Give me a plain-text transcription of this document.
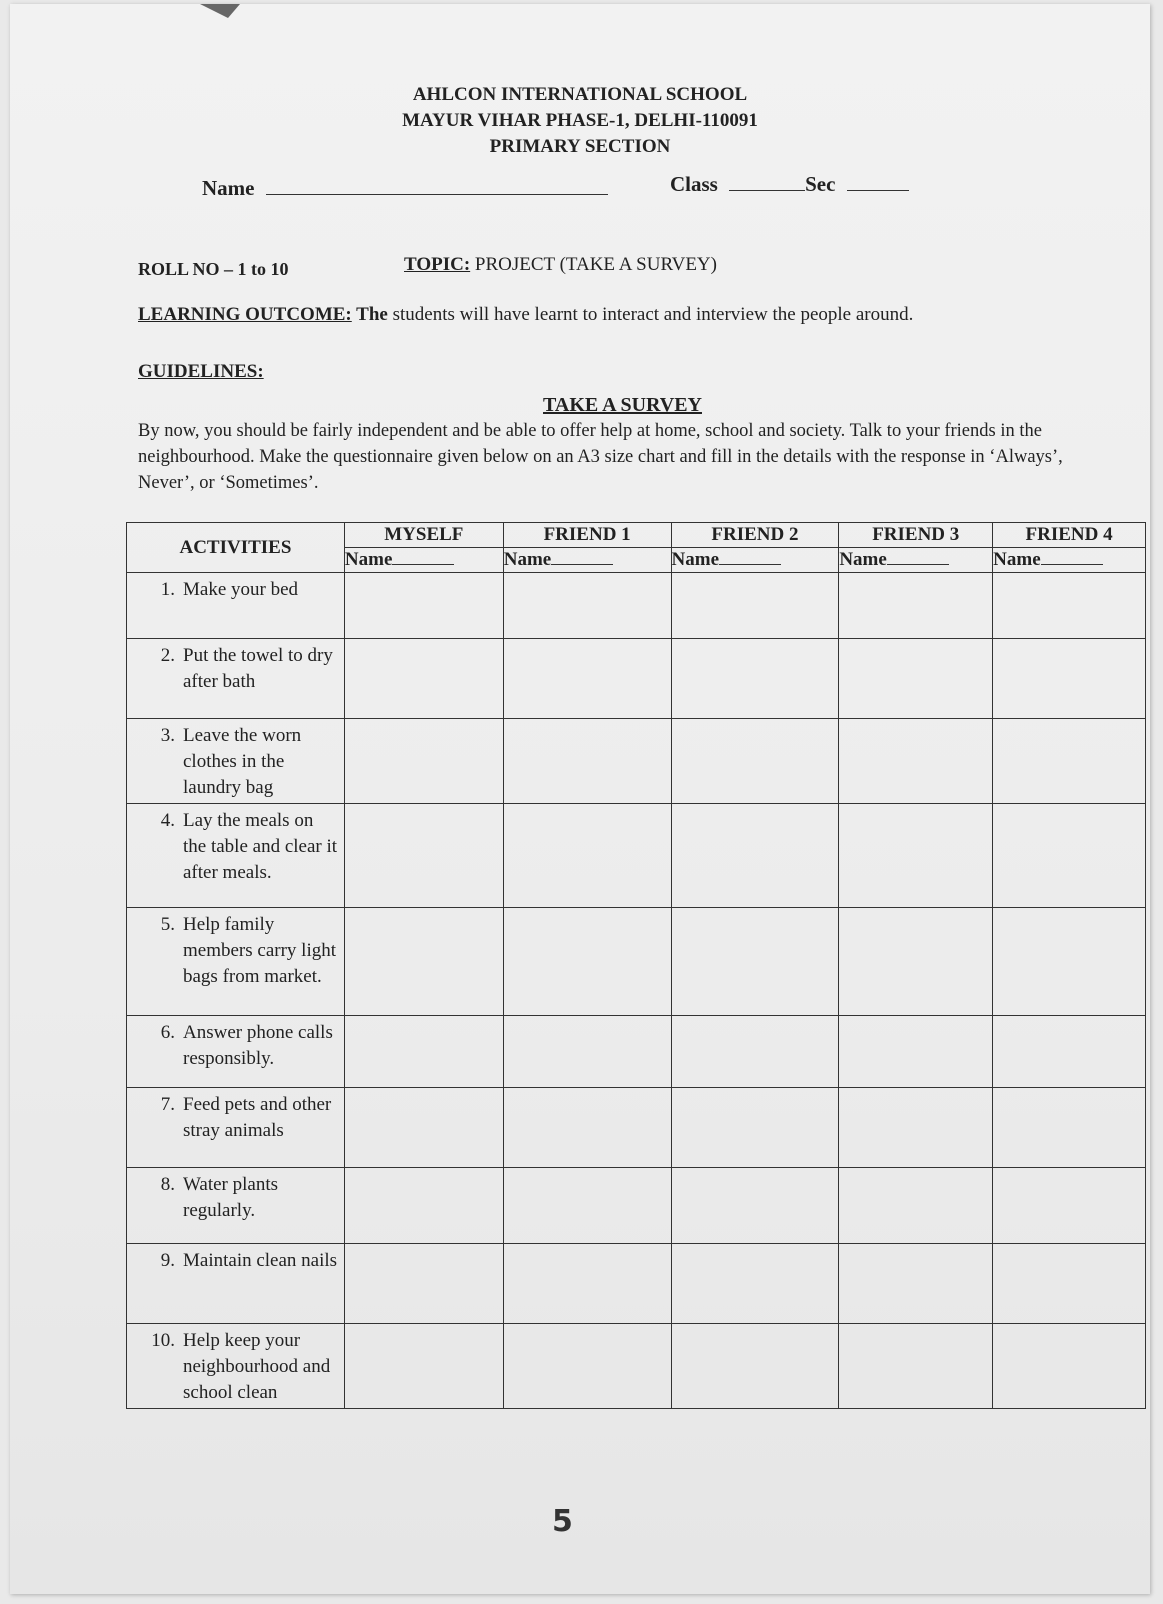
AHLCON INTERNATIONAL SCHOOL
MAYUR VIHAR PHASE-1, DELHI-110091
PRIMARY SECTION
Name	Class	Sec
ROLL NO – 1 to 10	TOPIC: PROJECT (TAKE A SURVEY)
LEARNING OUTCOME: The students will have learnt to interact and interview the people around.
GUIDELINES:
TAKE A SURVEY
By now, you should be fairly independent and be able to offer help at home, school and society. Talk to your friends in the neighbourhood. Make the questionnaire given below on an A3 size chart and fill in the details with the response in ‘Always’, Never’, or ‘Sometimes’.
ACTIVITIES	MYSELF	FRIEND 1	FRIEND 2	FRIEND 3	FRIEND 4
	Name	Name	Name	Name	Name

1. Make your bed					

2. Put the towel to dry after bath					

3. Leave the worn clothes in the laundry bag					

4. Lay the meals on the table and clear it after meals.					

5. Help family members carry light bags from market.					

6. Answer phone calls responsibly.					

7. Feed pets and other stray animals					

8. Water plants regularly.					

9. Maintain clean nails					

10. Help keep your neighbourhood and school clean					

5
